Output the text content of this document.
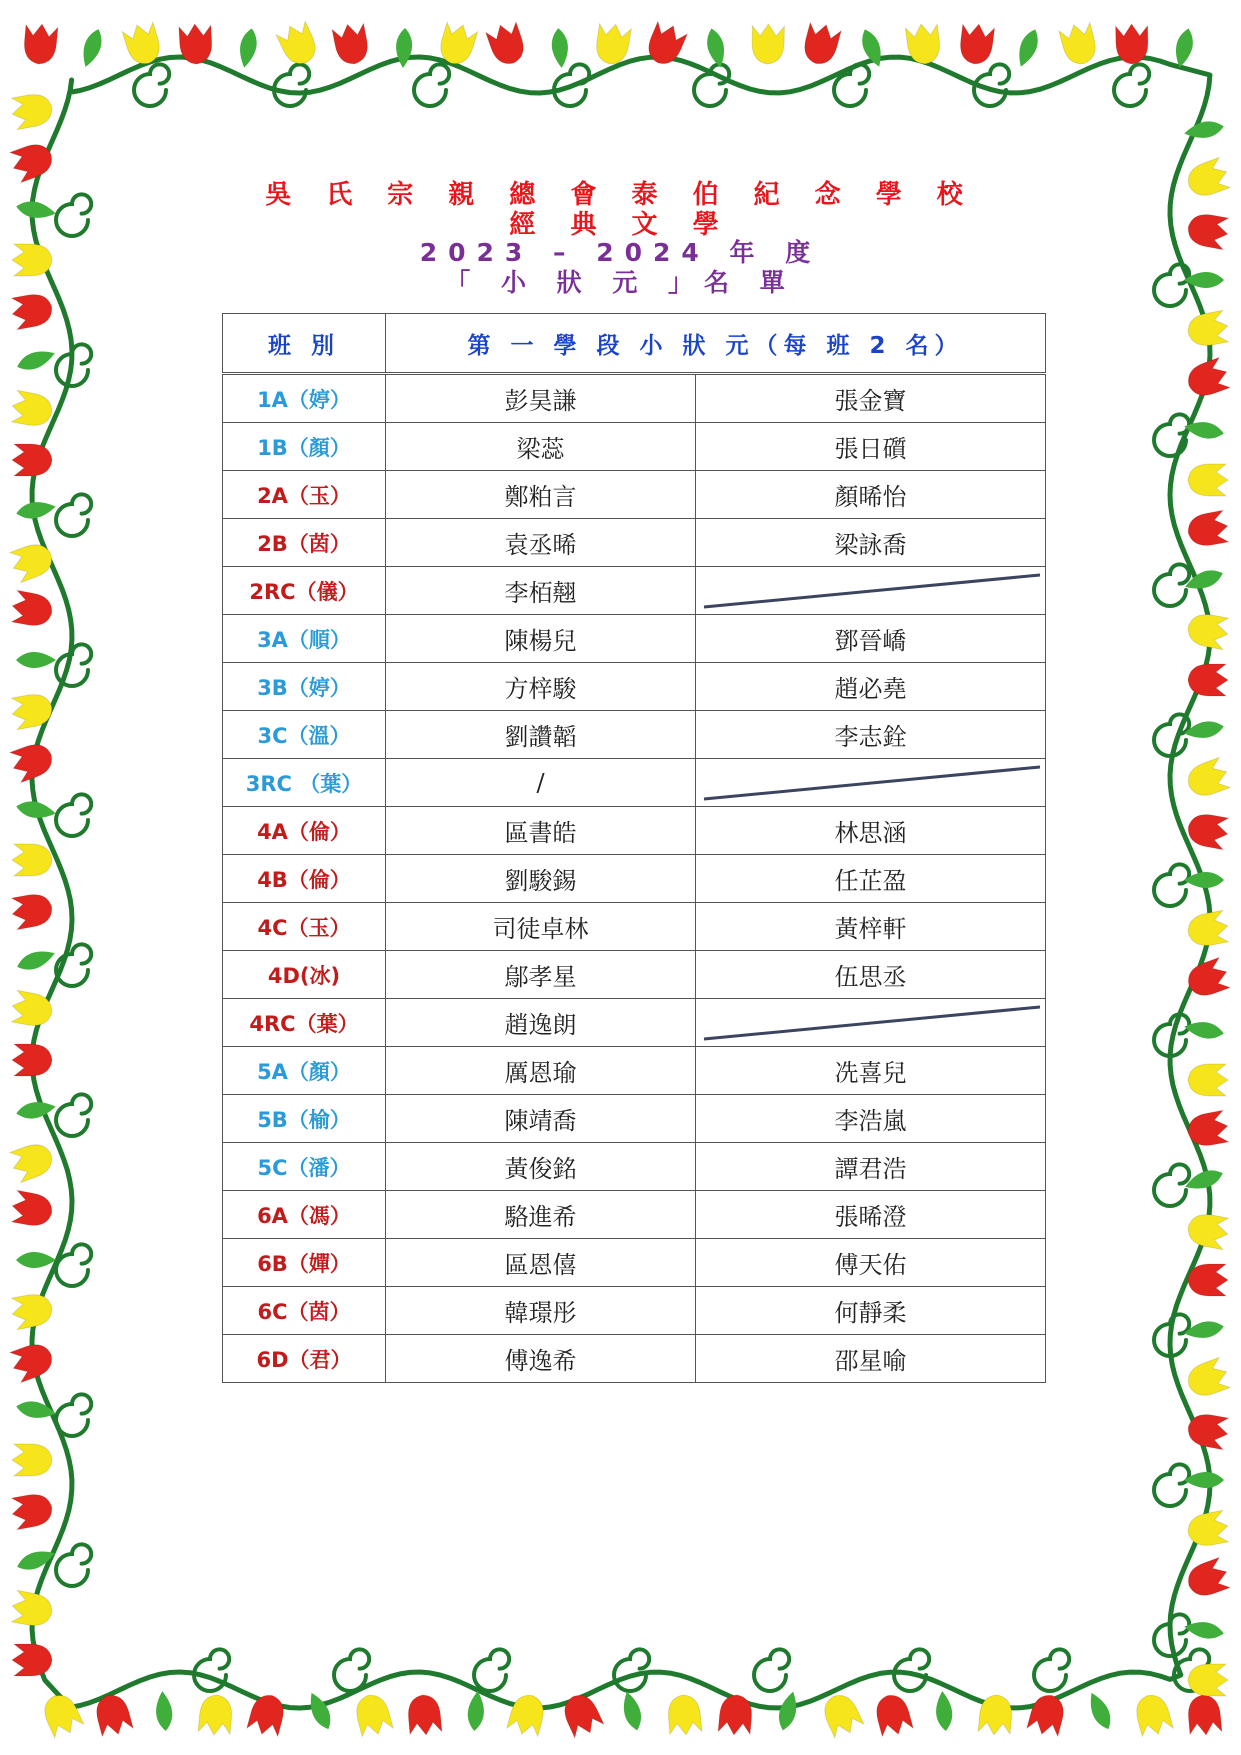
吳 氏 宗 親 總 會 泰 伯 紀 念 學 校
經 典 文 學
2023 – 2024 年 度
「 小 狀 元 」名 單
班 別	第 一 學 段 小 狀 元（每 班 2 名）	
1A（婷）	彭昊謙	張金寶
1B（顏）	梁蕊	張日礩
2A（玉）	鄭粕言	顏晞怡
2B（茵）	袁丞晞	梁詠喬
2RC（儀）	李栢翹	

3A（順）	陳楊兒	鄧晉嶠
3B（婷）	方梓駿	趙必堯
3C（溫）	劉讚韜	李志銓
3RC （葉）	/	

4A（倫）	區書皓	林思涵
4B（倫）	劉駿錫	任芷盈
4C（玉）	司徒卓林	黃梓軒
4D(冰)	鄔孝星	伍思丞
4RC（葉）	趙逸朗	

5A（顏）	厲恩瑜	冼喜兒
5B（榆）	陳靖喬	李浩嵐
5C（潘）	黃俊銘	譚君浩
6A（馮）	駱進希	張晞澄
6B（嬋）	區恩僖	傅天佑
6C（茵）	韓璟彤	何靜柔
6D（君）	傅逸希	邵星喻
